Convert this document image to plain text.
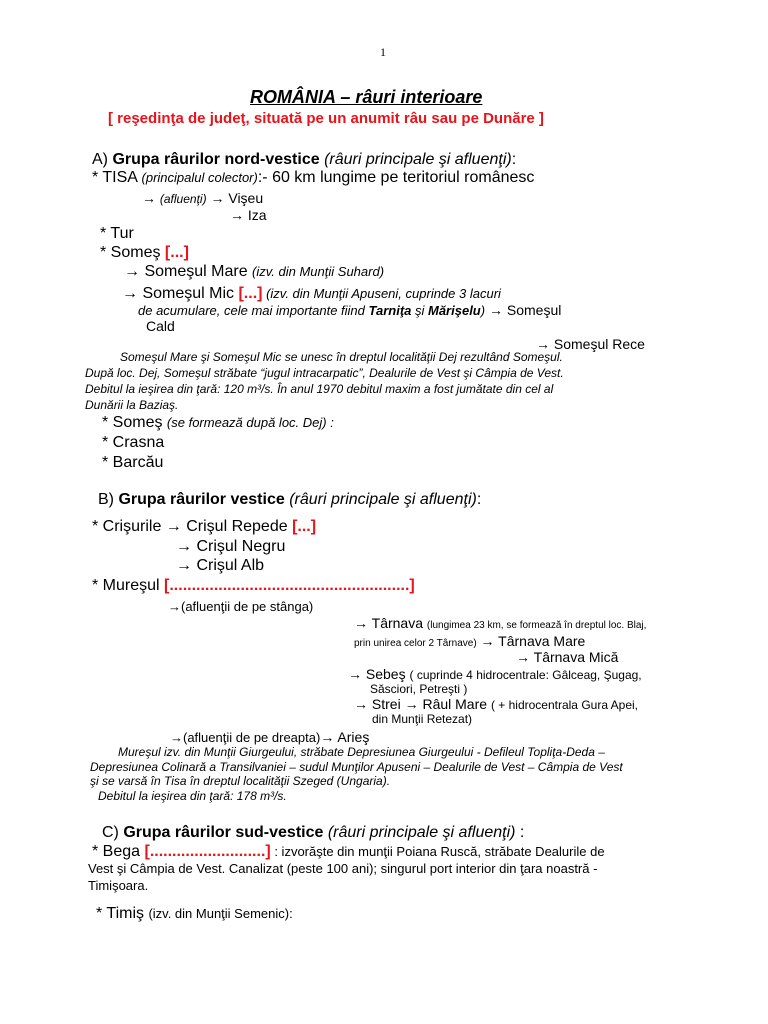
1
ROMÂNIA – râuri interioare
[ reşedinţa de judeţ, situată pe un anumit râu sau pe Dunăre ]
A) Grupa râurilor nord-vestice (râuri principale şi afluenţi):
* TISA (principalul colector):- 60 km lungime pe teritoriul românesc
→ (afluenţi) → Vişeu
→ Iza
* Tur
* Someş [...]
→ Someşul Mare (izv. din Munţii Suhard)
→ Someşul Mic [...] (izv. din Munţii Apuseni, cuprinde 3 lacuri
de acumulare, cele mai importante fiind Tarniţa şi Mărişelu) → Someşul
Cald
→ Someşul Rece
Someşul Mare şi Someşul Mic se unesc în dreptul localităţii Dej rezultând Someşul.
După loc. Dej, Someşul străbate “jugul intracarpatic”, Dealurile de Vest şi Câmpia de Vest.
Debitul la ieşirea din ţară: 120 m³/s. În anul 1970 debitul maxim a fost jumătate din cel al
Dunării la Baziaş.
* Someş (se formează după loc. Dej) :
* Crasna
* Barcău
B) Grupa râurilor vestice (râuri principale şi afluenţi):
* Crişurile → Crişul Repede [...]
→ Crişul Negru
→ Crişul Alb
* Mureşul [......................................................]
→(afluenţii de pe stânga)
→ Târnava (lungimea 23 km, se formează în dreptul loc. Blaj,
prin unirea celor 2 Târnave) → Târnava Mare
→ Târnava Mică
→ Sebeş ( cuprinde 4 hidrocentrale: Gâlceag, Şugag,
Săsciori, Petreşti )
→ Strei → Râul Mare ( + hidrocentrala Gura Apei,
din Munţii Retezat)
→(afluenţii de pe dreapta)→ Arieş
Mureşul izv. din Munţii Giurgeului, străbate Depresiunea Giurgeului - Defileul Topliţa-Deda –
Depresiunea Colinară a Transilvaniei – sudul Munţilor Apuseni – Dealurile de Vest – Câmpia de Vest
şi se varsă în Tisa în dreptul localităţii Szeged (Ungaria).
Debitul la ieşirea din ţară: 178 m³/s.
C) Grupa râurilor sud-vestice (râuri principale şi afluenţi) :
* Bega [..........................] : izvorăşte din munţii Poiana Ruscă, străbate Dealurile de
Vest şi Câmpia de Vest. Canalizat (peste 100 ani); singurul port interior din ţara noastră -
Timişoara.
* Timiş (izv. din Munţii Semenic):
